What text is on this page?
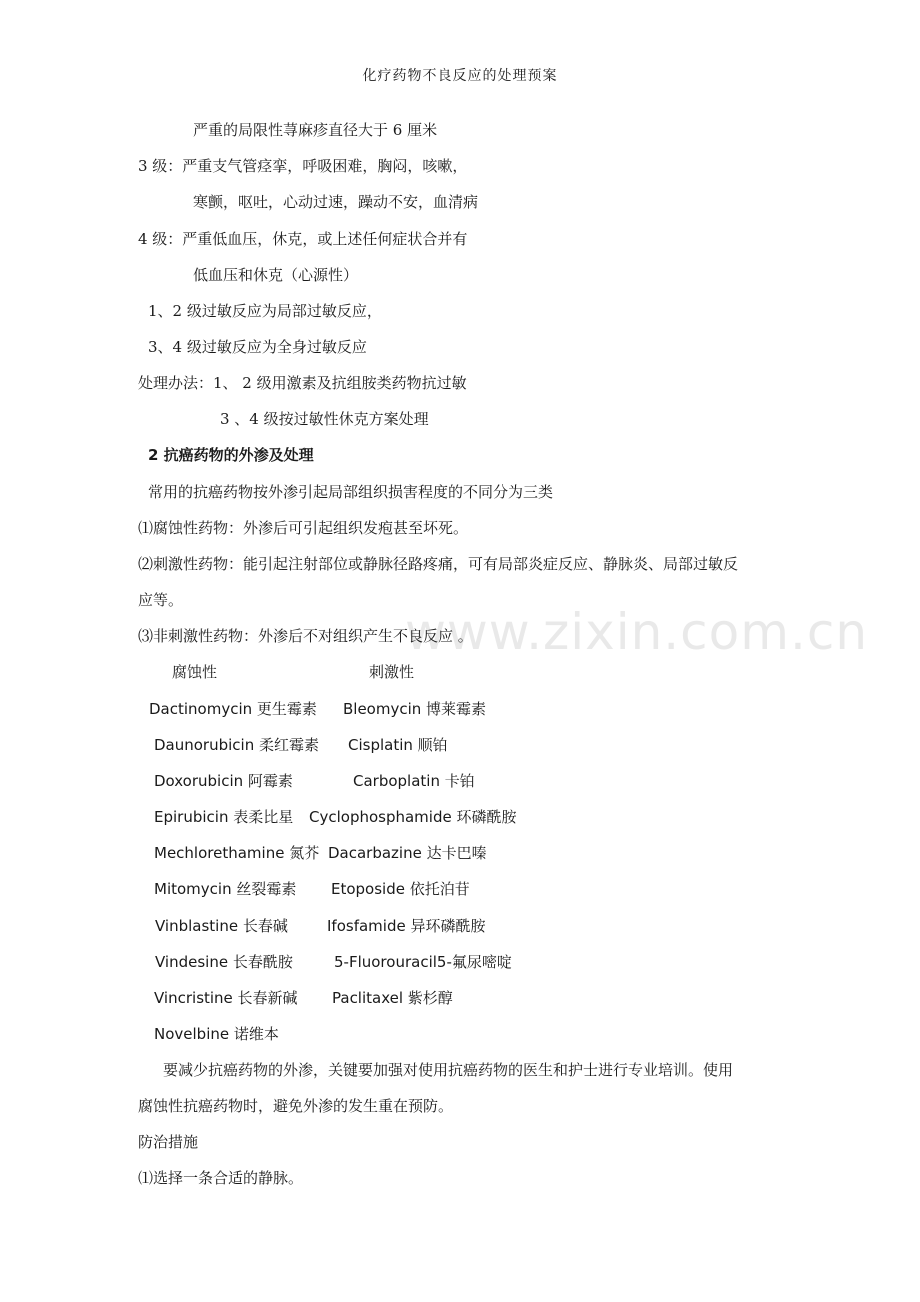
化疗药物不良反应的处理预案
www.zixin.com.cn
严重的局限性荨麻疹直径大于 6 厘米
3 级：严重支气管痉挛，呼吸困难，胸闷，咳嗽，
寒颤，呕吐，心动过速，躁动不安，血清病
4 级：严重低血压，休克，或上述任何症状合并有
低血压和休克（心源性）
1、2 级过敏反应为局部过敏反应，
3、4 级过敏反应为全身过敏反应
处理办法：1、 2 级用激素及抗组胺类药物抗过敏
3 、4 级按过敏性休克方案处理
2 抗癌药物的外渗及处理
常用的抗癌药物按外渗引起局部组织损害程度的不同分为三类
⑴腐蚀性药物：外渗后可引起组织发疱甚至坏死。
⑵刺激性药物：能引起注射部位或静脉径路疼痛，可有局部炎症反应、静脉炎、局部过敏反
应等。
⑶非刺激性药物：外渗后不对组织产生不良反应 。
腐蚀性	刺激性
Dactinomycin 更生霉素 Bleomycin 博莱霉素
Daunorubicin 柔红霉素 Cisplatin 顺铂
Doxorubicin 阿霉素	Carboplatin 卡铂
Epirubicin 表柔比星 Cyclophosphamide 环磷酰胺
Mechlorethamine 氮芥 Dacarbazine 达卡巴嗪
Mitomycin 丝裂霉素 Etoposide 依托泊苷
Vinblastine 长春碱	Ifosfamide 异环磷酰胺
Vindesine 长春酰胺	5-Fluorouracil5-氟尿嘧啶
Vincristine 长春新碱 Paclitaxel 紫杉醇
Novelbine 诺维本
要减少抗癌药物的外渗，关键要加强对使用抗癌药物的医生和护士进行专业培训。使用
腐蚀性抗癌药物时，避免外渗的发生重在预防。
防治措施
⑴选择一条合适的静脉。
